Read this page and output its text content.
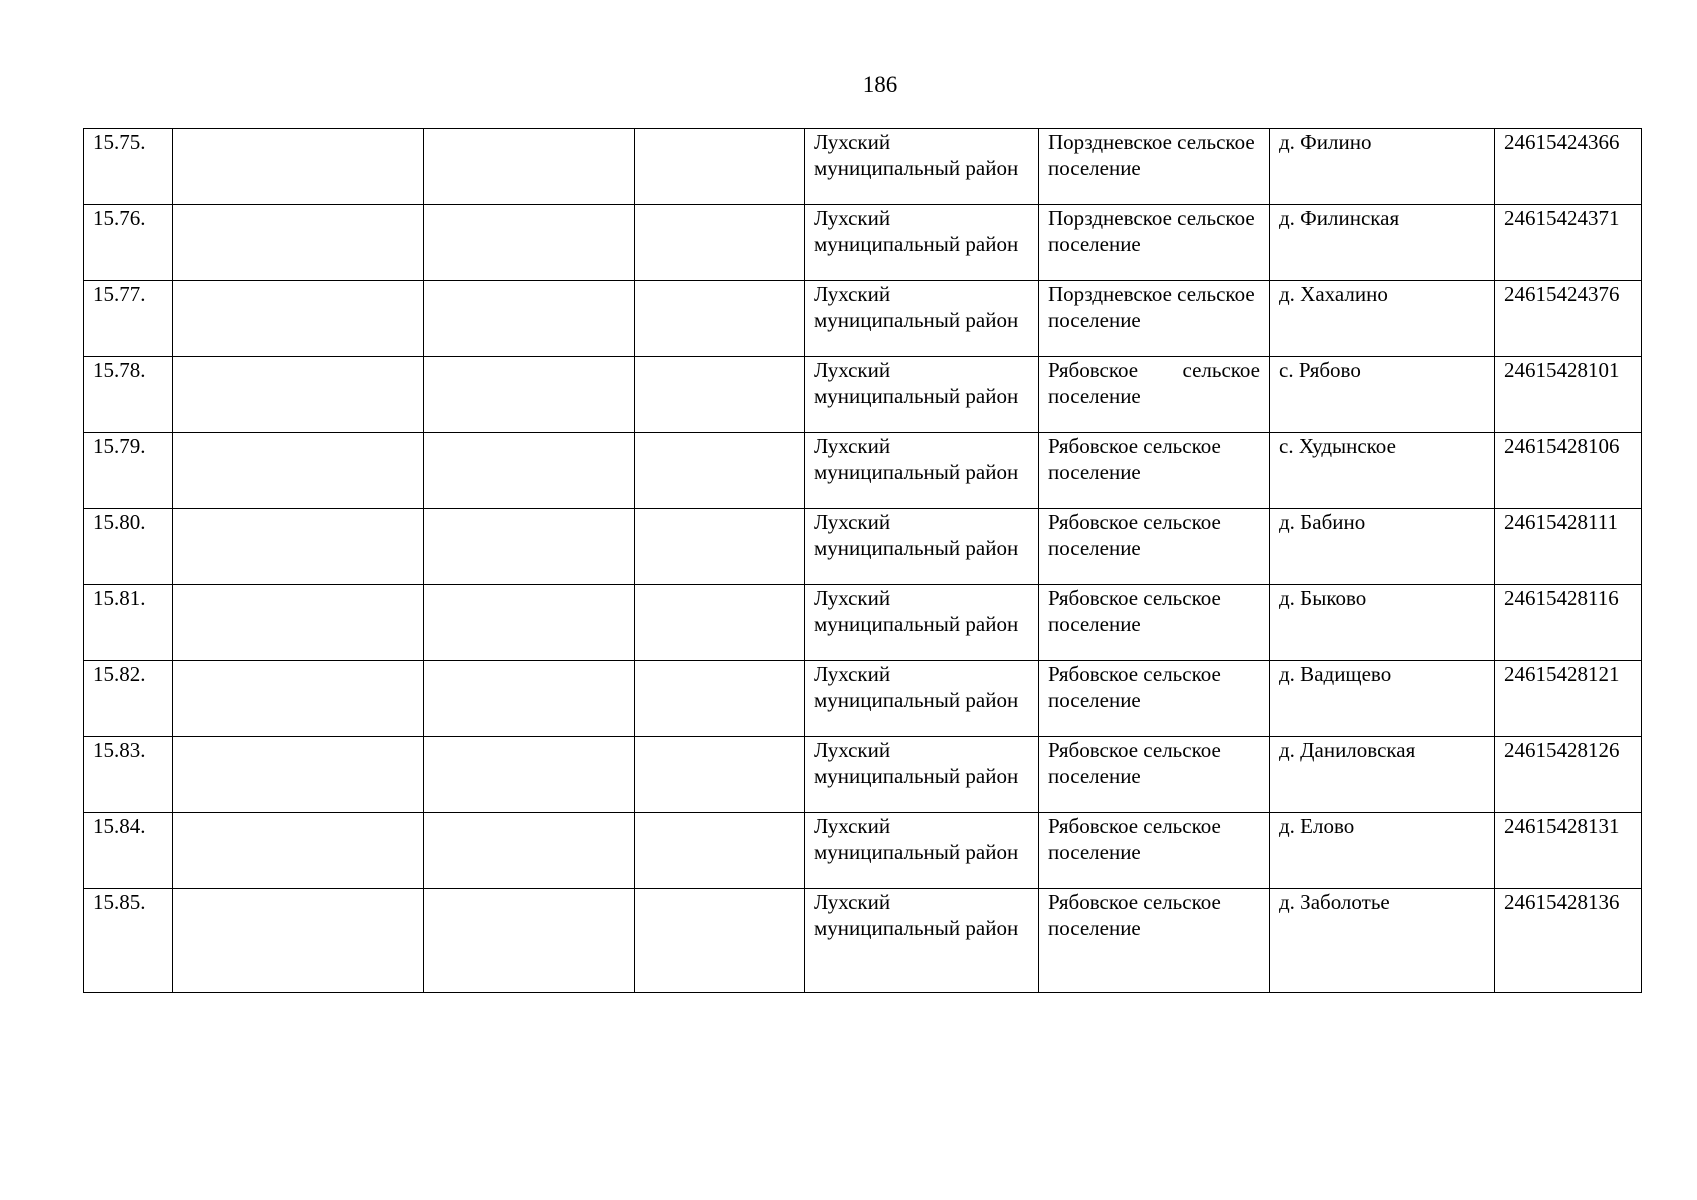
186
15.75.				Лухский муниципальный район	Порздневское сельское поселение	д. Филино	24615424366
15.76.				Лухский муниципальный район	Порздневское сельское поселение	д. Филинская	24615424371
15.77.				Лухский муниципальный район	Порздневское сельское поселение	д. Хахалино	24615424376
15.78.				Лухский муниципальный район	Рябовское сельское поселение	с. Рябово	24615428101
15.79.				Лухский муниципальный район	Рябовское сельское поселение	с. Худынское	24615428106
15.80.				Лухский муниципальный район	Рябовское сельское поселение	д. Бабино	24615428111
15.81.				Лухский муниципальный район	Рябовское сельское поселение	д. Быково	24615428116
15.82.				Лухский муниципальный район	Рябовское сельское поселение	д. Вадищево	24615428121
15.83.				Лухский муниципальный район	Рябовское сельское поселение	д. Даниловская	24615428126
15.84.				Лухский муниципальный район	Рябовское сельское поселение	д. Елово	24615428131
15.85.				Лухский муниципальный район	Рябовское сельское поселение	д. Заболотье	24615428136
